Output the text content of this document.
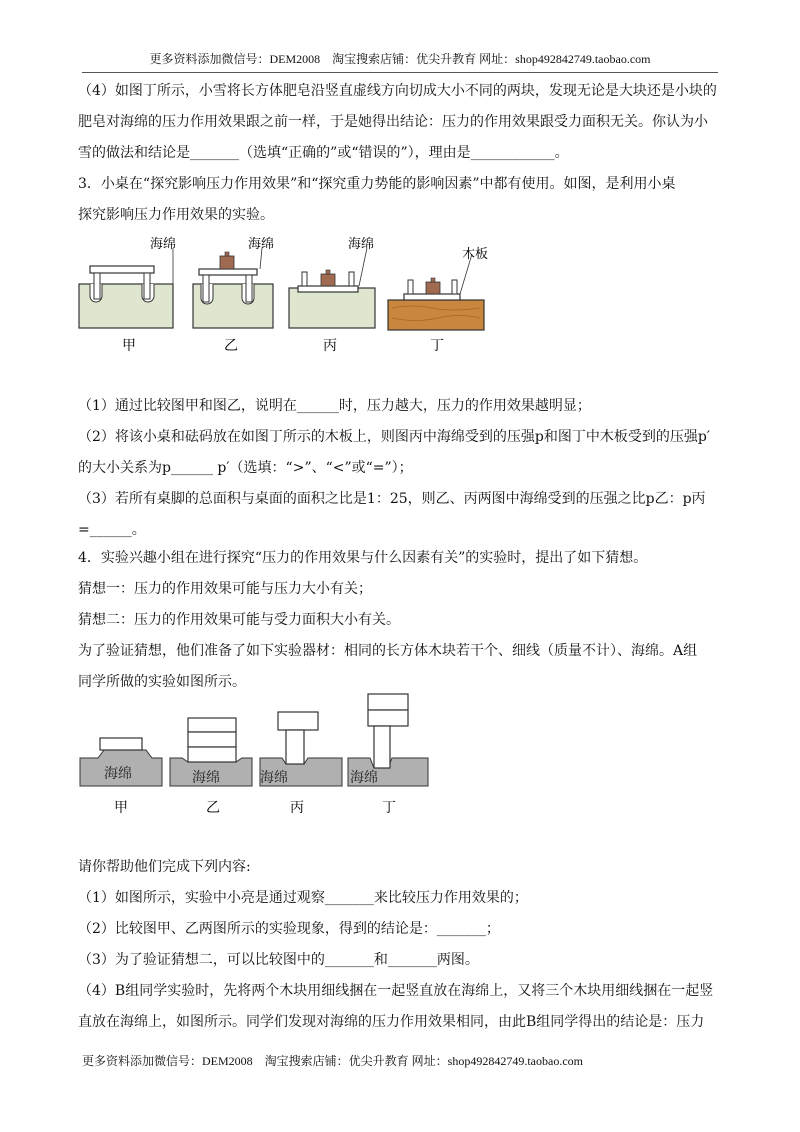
更多资料添加微信号：DEM2008　淘宝搜索店铺：优尖升教育 网址：shop492842749.taobao.com

（4）如图丁所示，小雪将长方体肥皂沿竖直虚线方向切成大小不同的两块，发现无论是大块还是小块的

肥皂对海绵的压力作用效果跟之前一样，于是她得出结论：压力的作用效果跟受力面积无关。你认为小

雪的做法和结论是_______（选填“正确的”或“错误的”），理由是____________。

3．小桌在“探究影响压力作用效果”和“探究重力势能的影响因素”中都有使用。如图，是利用小桌

探究影响压力作用效果的实验。

海绵	海绵	海绵
木板
甲	乙	丙	丁

（1）通过比较图甲和图乙，说明在______时，压力越大，压力的作用效果越明显；

（2）将该小桌和砝码放在如图丁所示的木板上，则图丙中海绵受到的压强p和图丁中木板受到的压强p′

的大小关系为p______ p′（选填：“>”、“<”或“=”）；

（3）若所有桌脚的总面积与桌面的面积之比是1：25，则乙、丙两图中海绵受到的压强之比p乙：p丙

=______。

4．实验兴趣小组在进行探究“压力的作用效果与什么因素有关”的实验时，提出了如下猜想。

猜想一：压力的作用效果可能与压力大小有关；

猜想二：压力的作用效果可能与受力面积大小有关。

为了验证猜想，他们准备了如下实验器材：相同的长方体木块若干个、细线（质量不计）、海绵。A组

同学所做的实验如图所示。

海绵	海绵	海绵	海绵
甲	乙	丙	丁

请你帮助他们完成下列内容:

（1）如图所示，实验中小亮是通过观察_______来比较压力作用效果的；

（2）比较图甲、乙两图所示的实验现象，得到的结论是：_______；

（3）为了验证猜想二，可以比较图中的_______和_______两图。

（4）B组同学实验时，先将两个木块用细线捆在一起竖直放在海绵上，又将三个木块用细线捆在一起竖

直放在海绵上，如图所示。同学们发现对海绵的压力作用效果相同，由此B组同学得出的结论是：压力

更多资料添加微信号：DEM2008　淘宝搜索店铺：优尖升教育 网址：shop492842749.taobao.com
